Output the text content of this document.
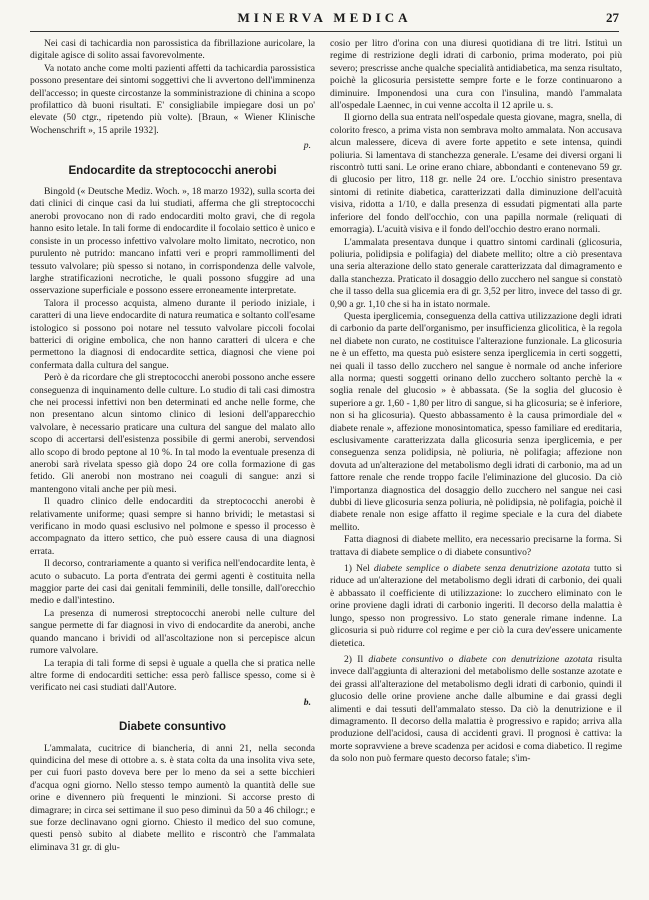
MINERVA MEDICA	27

Nei casi di tachicardia non parossistica da fibrillazione auricolare, la digitale agisce di solito assai favorevolmente.

Va notato anche come molti pazienti affetti da tachicardia parossistica possono presentare dei sintomi soggettivi che li avvertono dell'imminenza dell'accesso; in queste circostanze la somministrazione di chinina a scopo profilattico dà buoni risultati. E' consigliabile impiegare dosi un po' elevate (50 ctgr., ripetendo più volte). [Braun, « Wiener Klinische Wochenschrift », 15 aprile 1932].

p.
Endocardite da streptococchi anerobi

Bingold (« Deutsche Mediz. Woch. », 18 marzo 1932), sulla scorta dei dati clinici di cinque casi da lui studiati, afferma che gli streptococchi anerobi provocano non di rado endocarditi molto gravi, che di regola hanno esito letale. In tali forme di endocardite il focolaio settico è unico e consiste in un processo infettivo valvolare molto limitato, necrotico, non purulento nè putrido: mancano infatti veri e propri rammollimenti del tessuto valvolare; più spesso si notano, in corrispondenza delle valvole, larghe stratificazioni necrotiche, le quali possono sfuggire ad una osservazione superficiale e possono essere erroneamente interpretate.

Talora il processo acquista, almeno durante il periodo iniziale, i caratteri di una lieve endocardite di natura reumatica e soltanto coll'esame istologico si possono poi notare nel tessuto valvolare piccoli focolai batterici di origine embolica, che non hanno caratteri di ulcera e che permettono la diagnosi di endocardite settica, diagnosi che viene poi confermata dalla cultura del sangue.

Però è da ricordare che gli streptococchi anerobi possono anche essere conseguenza di inquinamento delle culture. Lo studio di tali casi dimostra che nei processi infettivi non ben determinati ed anche nelle forme, che non presentano alcun sintomo clinico di lesioni dell'apparecchio valvolare, è necessario praticare una cultura del sangue del malato allo scopo di accertarsi dell'esistenza possibile di germi anerobi, servendosi allo scopo di brodo peptone al 10 %. In tal modo la eventuale presenza di anerobi sarà rivelata spesso già dopo 24 ore colla formazione di gas fetido. Gli anerobi non mostrano nei coaguli di sangue: anzi si mantengono vitali anche per più mesi.

Il quadro clinico delle endocarditi da streptococchi anerobi è relativamente uniforme; quasi sempre si hanno brividi; le metastasi si verificano in modo quasi esclusivo nel polmone e spesso il processo è accompagnato da ittero settico, che può essere causa di una diagnosi errata.

Il decorso, contrariamente a quanto si verifica nell'endocardite lenta, è acuto o subacuto. La porta d'entrata dei germi agenti è costituita nella maggior parte dei casi dai genitali femminili, delle tonsille, dall'orecchio medio e dall'intestino.

La presenza di numerosi streptococchi anerobi nelle culture del sangue permette di far diagnosi in vivo di endocardite da anerobi, anche quando mancano i brividi od all'ascoltazione non si percepisce alcun rumore valvolare.

La terapia di tali forme di sepsi è uguale a quella che si pratica nelle altre forme di endocarditi settiche: essa però fallisce spesso, come si è verificato nei casi studiati dall'Autore.

b.
Diabete consuntivo

L'ammalata, cucitrice di biancheria, di anni 21, nella seconda quindicina del mese di ottobre a. s. è stata colta da una insolita viva sete, per cui fuori pasto doveva bere per lo meno da sei a sette bicchieri d'acqua ogni giorno. Nello stesso tempo aumentò la quantità delle sue orine e divennero più frequenti le minzioni. Si accorse presto di dimagrare; in circa sei settimane il suo peso diminuì da 50 a 46 chilogr.; e sue forze declinavano ogni giorno. Chiesto il medico del suo comune, questi pensò subito al diabete mellito e riscontrò che l'ammalata eliminava 31 gr. di glu-

cosio per litro d'orina con una diuresi quotidiana di tre litri. Istituì un regime di restrizione degli idrati di carbonio, prima moderato, poi più severo; prescrisse anche qualche specialità antidiabetica, ma senza risultato, poichè la glicosuria persistette sempre forte e le forze continuarono a diminuire. Imponendosi una cura con l'insulina, mandò l'ammalata all'ospedale Laennec, in cui venne accolta il 12 aprile u. s.

Il giorno della sua entrata nell'ospedale questa giovane, magra, snella, di colorito fresco, a prima vista non sembrava molto ammalata. Non accusava alcun malessere, diceva di avere forte appetito e sete intensa, quindi poliuria. Si lamentava di stanchezza generale. L'esame dei diversi organi li riscontrò tutti sani. Le orine erano chiare, abbondanti e contenevano 59 gr. di glucosio per litro, 118 gr. nelle 24 ore. L'occhio sinistro presentava sintomi di retinite diabetica, caratterizzati dalla diminuzione dell'acuità visiva, ridotta a 1/10, e dalla presenza di essudati pigmentati alla parte inferiore del fondo dell'occhio, con una papilla normale (reliquati di emorragia). L'acuità visiva e il fondo dell'occhio destro erano normali.

L'ammalata presentava dunque i quattro sintomi cardinali (glicosuria, poliuria, polidipsia e polifagia) del diabete mellito; oltre a ciò presentava una seria alterazione dello stato generale caratterizzata dal dimagramento e dalla stanchezza. Praticato il dosaggio dello zucchero nel sangue si constatò che il tasso della sua glicemia era di gr. 3,52 per litro, invece del tasso di gr. 0,90 a gr. 1,10 che si ha in istato normale.

Questa iperglicemia, conseguenza della cattiva utilizzazione degli idrati di carbonio da parte dell'organismo, per insufficienza glicolitica, è la regola nel diabete non curato, ne costituisce l'alterazione funzionale. La glicosuria ne è un effetto, ma questa può esistere senza iperglicemia in certi soggetti, nei quali il tasso dello zucchero nel sangue è normale od anche inferiore alla norma; questi soggetti orinano dello zucchero soltanto perchè la « soglia renale del glucosio » è abbassata. (Se la soglia del glucosio è superiore a gr. 1,60 - 1,80 per litro di sangue, si ha glicosuria; se è inferiore, non si ha glicosuria). Questo abbassamento è la causa primordiale del « diabete renale », affezione monosintomatica, spesso familiare ed ereditaria, esclusivamente caratterizzata dalla glicosuria senza iperglicemia, e per conseguenza senza polidipsia, nè poliuria, nè polifagia; affezione non dovuta ad un'alterazione del metabolismo degli idrati di carbonio, ma ad un fattore renale che rende troppo facile l'eliminazione del glucosio. Da ciò l'importanza diagnostica del dosaggio dello zucchero nel sangue nei casi dubbi di lieve glicosuria senza poliuria, nè polidipsia, nè polifagia, poichè il diabete renale non esige affatto il regime speciale e la cura del diabete mellito.

Fatta diagnosi di diabete mellito, era necessario precisarne la forma. Si trattava di diabete semplice o di diabete consuntivo?

1) Nel diabete semplice o diabete senza denutrizione azotata tutto si riduce ad un'alterazione del metabolismo degli idrati di carbonio, dei quali è abbassato il coefficiente di utilizzazione: lo zucchero eliminato con le orine proviene dagli idrati di carbonio ingeriti. Il decorso della malattia è lungo, spesso non progressivo. Lo stato generale rimane indenne. La glicosuria si può ridurre col regime e per ciò la cura dev'essere unicamente dietetica.

2) Il diabete consuntivo o diabete con denutrizione azotata risulta invece dall'aggiunta di alterazioni del metabolismo delle sostanze azotate e dei grassi all'alterazione del metabolismo degli idrati di carbonio, quindi il glucosio delle orine proviene anche dalle albumine e dai grassi degli alimenti e dai tessuti dell'ammalato stesso. Da ciò la denutrizione e il dimagramento. Il decorso della malattia è progressivo e rapido; arriva alla produzione dell'acidosi, causa di accidenti gravi. Il prognosi è cattiva: la morte sopravviene a breve scadenza per acidosi e coma diabetico. Il regime da solo non può fermare questo decorso fatale; s'im-
